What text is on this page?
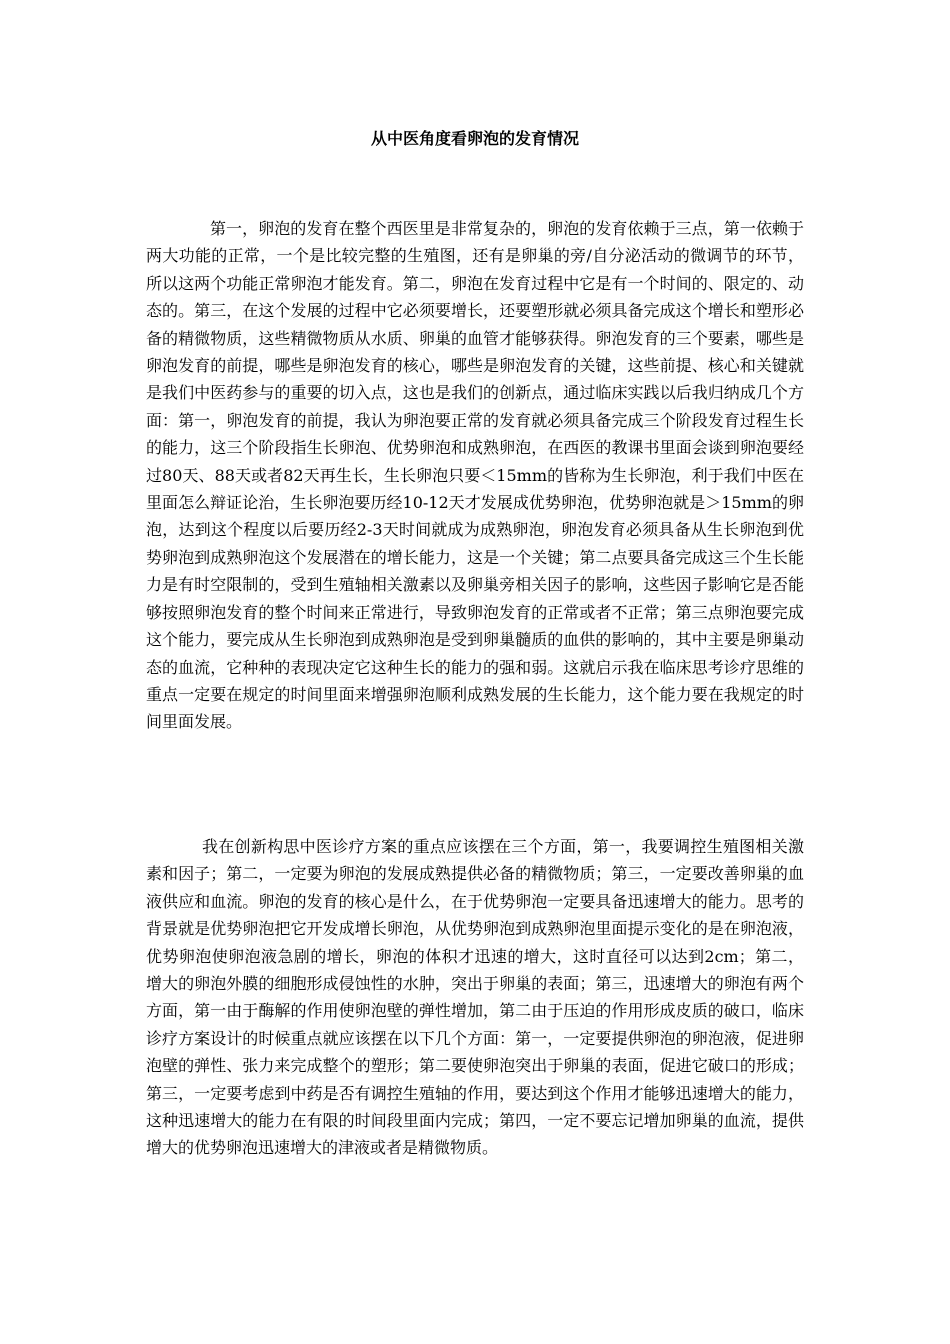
从中医角度看卵泡的发育情况

第一，卵泡的发育在整个西医里是非常复杂的，卵泡的发育依赖于三点，第一依赖于两大功能的正常，一个是比较完整的生殖图，还有是卵巢的旁/自分泌活动的微调节的环节，所以这两个功能正常卵泡才能发育。第二，卵泡在发育过程中它是有一个时间的、限定的、动态的。第三，在这个发展的过程中它必须要增长，还要塑形就必须具备完成这个增长和塑形必备的精微物质，这些精微物质从水质、卵巢的血管才能够获得。卵泡发育的三个要素，哪些是卵泡发育的前提，哪些是卵泡发育的核心，哪些是卵泡发育的关键，这些前提、核心和关键就是我们中医药参与的重要的切入点，这也是我们的创新点，通过临床实践以后我归纳成几个方面：第一，卵泡发育的前提，我认为卵泡要正常的发育就必须具备完成三个阶段发育过程生长的能力，这三个阶段指生长卵泡、优势卵泡和成熟卵泡，在西医的教课书里面会谈到卵泡要经过80天、88天或者82天再生长，生长卵泡只要＜15mm的皆称为生长卵泡，利于我们中医在里面怎么辩证论治，生长卵泡要历经10-12天才发展成优势卵泡，优势卵泡就是＞15mm的卵泡，达到这个程度以后要历经2-3天时间就成为成熟卵泡，卵泡发育必须具备从生长卵泡到优势卵泡到成熟卵泡这个发展潜在的增长能力，这是一个关键；第二点要具备完成这三个生长能力是有时空限制的，受到生殖轴相关激素以及卵巢旁相关因子的影响，这些因子影响它是否能够按照卵泡发育的整个时间来正常进行，导致卵泡发育的正常或者不正常；第三点卵泡要完成这个能力，要完成从生长卵泡到成熟卵泡是受到卵巢髓质的血供的影响的，其中主要是卵巢动态的血流，它种种的表现决定它这种生长的能力的强和弱。这就启示我在临床思考诊疗思维的重点一定要在规定的时间里面来增强卵泡顺利成熟发展的生长能力，这个能力要在我规定的时间里面发展。

我在创新构思中医诊疗方案的重点应该摆在三个方面，第一，我要调控生殖图相关激素和因子；第二，一定要为卵泡的发展成熟提供必备的精微物质；第三，一定要改善卵巢的血液供应和血流。卵泡的发育的核心是什么，在于优势卵泡一定要具备迅速增大的能力。思考的背景就是优势卵泡把它开发成增长卵泡，从优势卵泡到成熟卵泡里面提示变化的是在卵泡液，优势卵泡使卵泡液急剧的增长，卵泡的体积才迅速的增大，这时直径可以达到2cm；第二，增大的卵泡外膜的细胞形成侵蚀性的水肿，突出于卵巢的表面；第三，迅速增大的卵泡有两个方面，第一由于酶解的作用使卵泡壁的弹性增加，第二由于压迫的作用形成皮质的破口，临床诊疗方案设计的时候重点就应该摆在以下几个方面：第一，一定要提供卵泡的卵泡液，促进卵泡壁的弹性、张力来完成整个的塑形；第二要使卵泡突出于卵巢的表面，促进它破口的形成；第三，一定要考虑到中药是否有调控生殖轴的作用，要达到这个作用才能够迅速增大的能力，这种迅速增大的能力在有限的时间段里面内完成；第四，一定不要忘记增加卵巢的血流，提供增大的优势卵泡迅速增大的津液或者是精微物质。
